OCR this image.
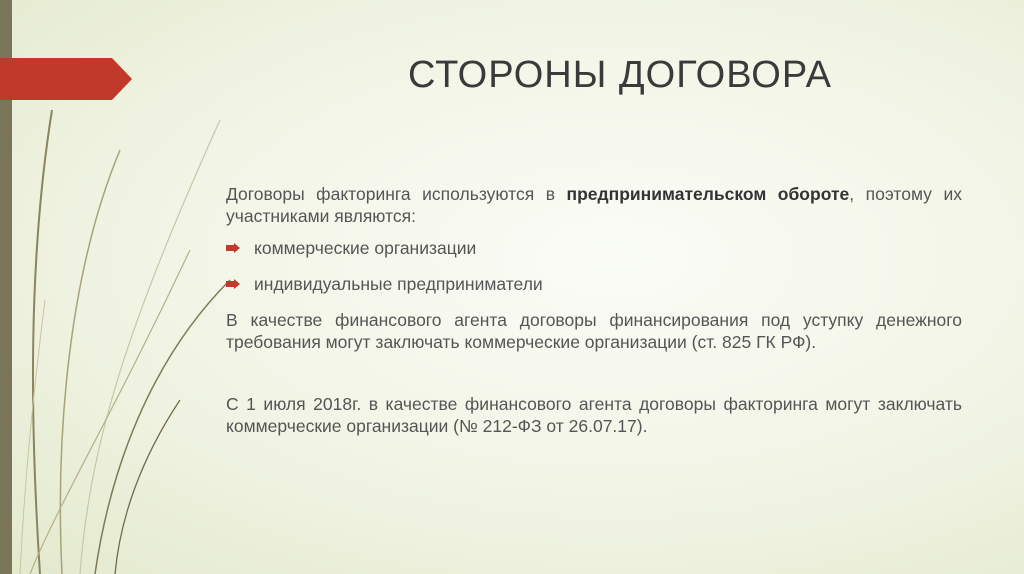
СТОРОНЫ ДОГОВОРА

Договоры факторинга используются в предпринимательском обороте, поэтому их участниками являются:

коммерческие организации
индивидуальные предприниматели

В качестве финансового агента договоры финансирования под уступку денежного требования могут заключать коммерческие организации (ст. 825 ГК РФ).

С 1 июля 2018г. в качестве финансового агента договоры факторинга могут заключать коммерческие организации (№ 212-ФЗ от 26.07.17).
